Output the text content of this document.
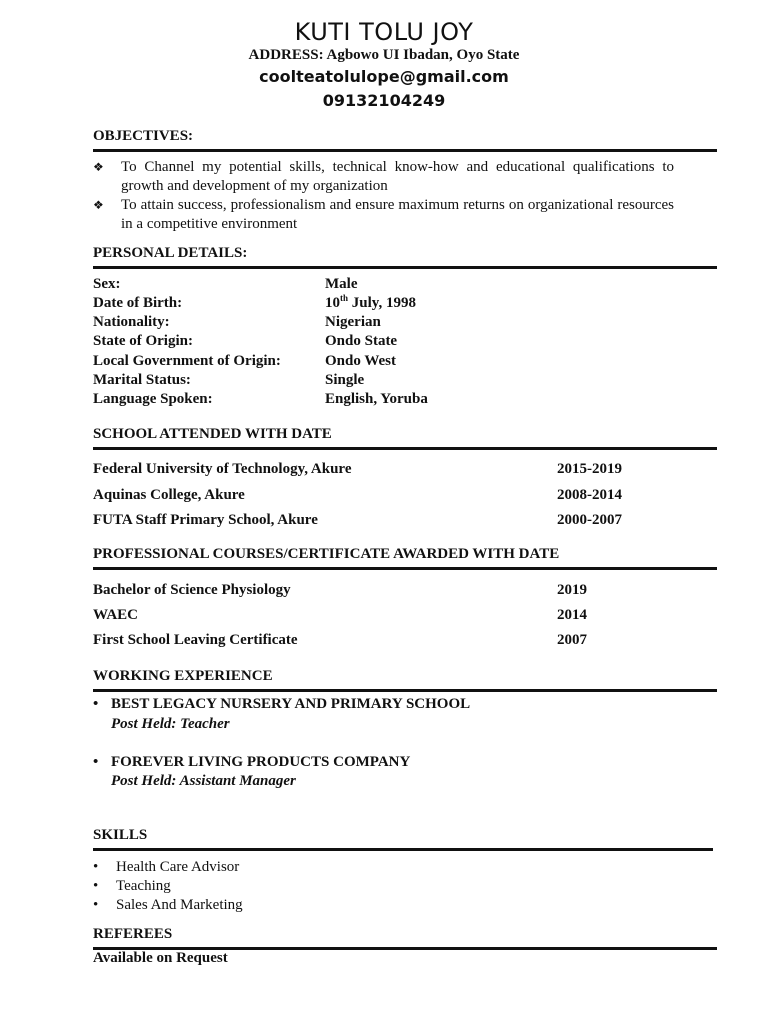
KUTI TOLU JOY
ADDRESS: Agbowo UI Ibadan, Oyo State
coolteatolulope@gmail.com
09132104249
OBJECTIVES:
❖	To Channel my potential skills, technical know-how and educational qualifications to growth and development of my organization
❖	To attain success, professionalism and ensure maximum returns on organizational resources in a competitive environment
PERSONAL DETAILS:
Sex:	Male
Date of Birth:	10th July, 1998
Nationality:	Nigerian
State of Origin:	Ondo State
Local Government of Origin:	Ondo West
Marital Status:	Single
Language Spoken:	English, Yoruba
SCHOOL ATTENDED WITH DATE
Federal University of Technology, Akure	2015-2019
Aquinas College, Akure	2008-2014
FUTA Staff Primary School, Akure	2000-2007
PROFESSIONAL COURSES/CERTIFICATE AWARDED WITH DATE
Bachelor of Science Physiology	2019
WAEC	2014
First School Leaving Certificate	2007
WORKING EXPERIENCE
• BEST LEGACY NURSERY AND PRIMARY SCHOOL
Post Held: Teacher
• FOREVER LIVING PRODUCTS COMPANY
Post Held: Assistant Manager
SKILLS
• Health Care Advisor
• Teaching
• Sales And Marketing
REFEREES
Available on Request
